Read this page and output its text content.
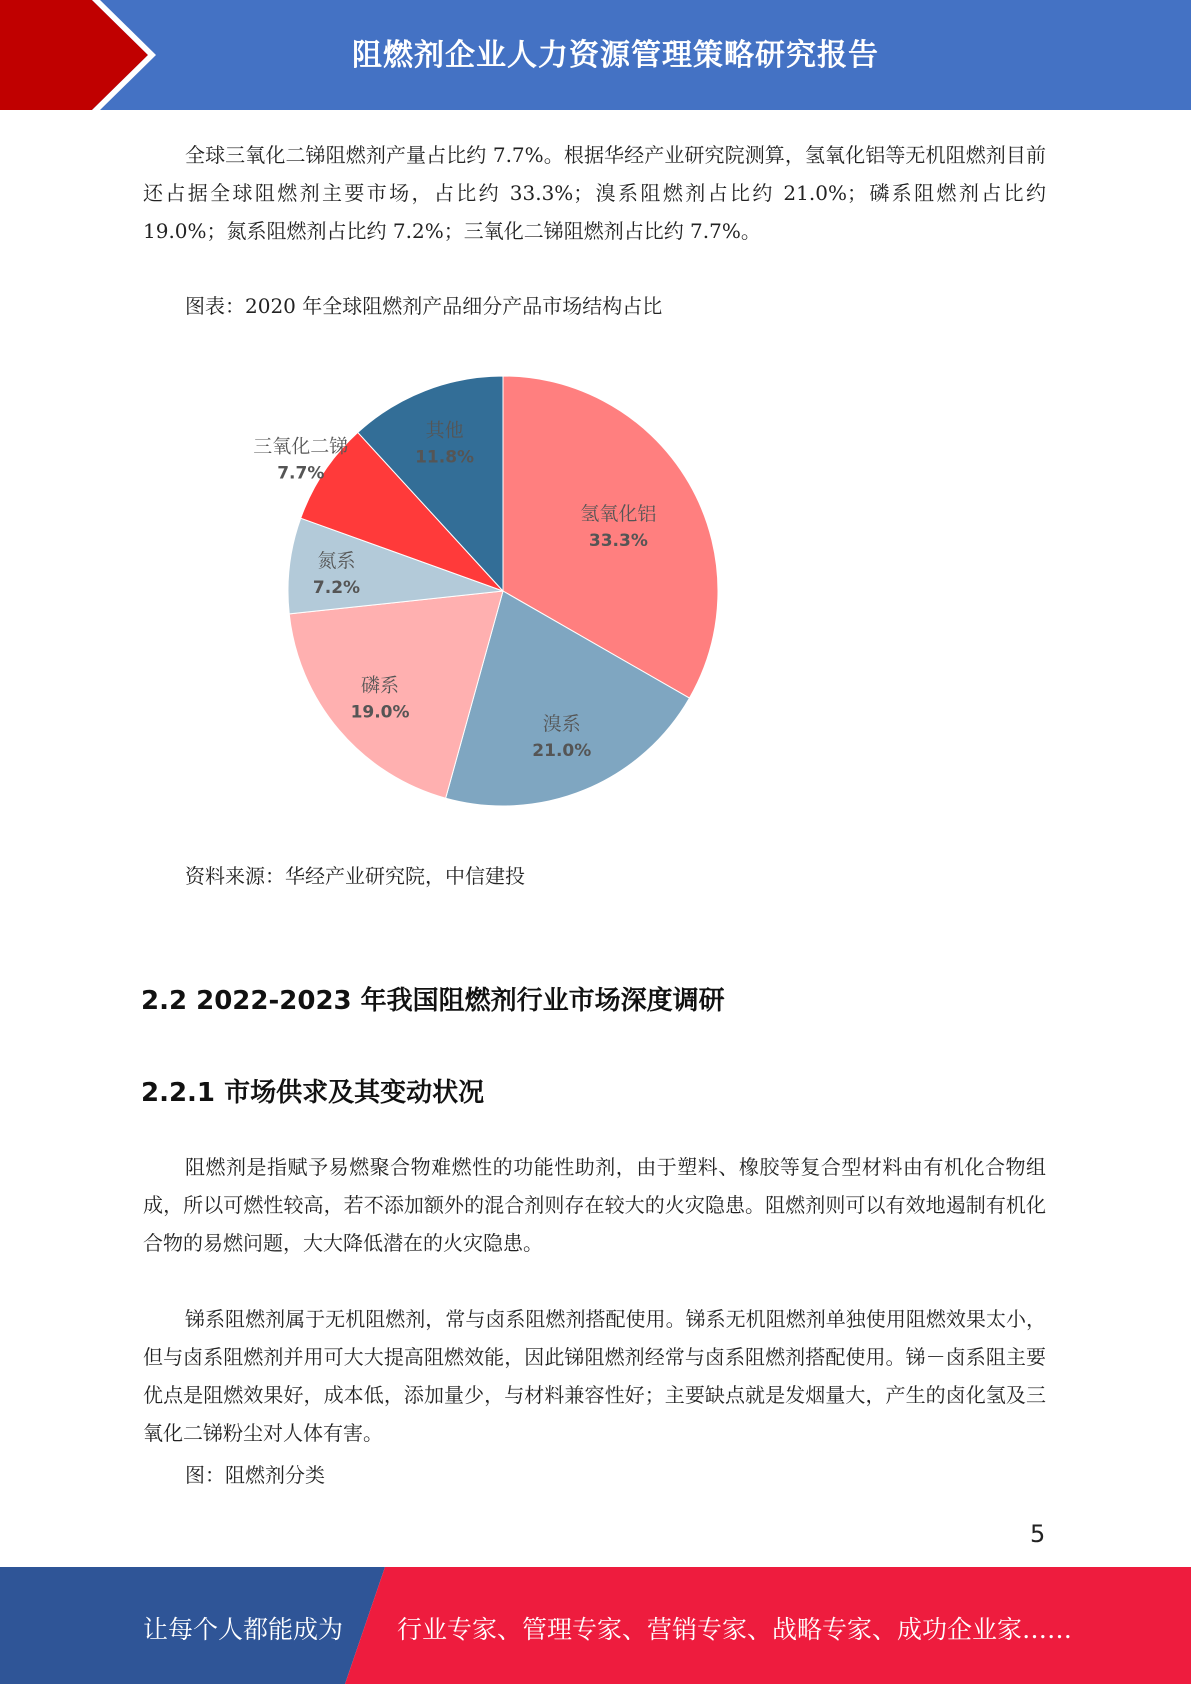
阻燃剂企业人力资源管理策略研究报告

全球三氧化二锑阻燃剂产量占比约 7.7%。根据华经产业研究院测算，氢氧化铝等无机阻燃剂目前还占据全球阻燃剂主要市场，占比约 33.3%；溴系阻燃剂占比约 21.0%；磷系阻燃剂占比约 19.0%；氮系阻燃剂占比约 7.2%；三氧化二锑阻燃剂占比约 7.7%。

图表：2020 年全球阻燃剂产品细分产品市场结构占比

氢氧化铝
33.3%
溴系
21.0%
磷系
19.0%
氮系
7.2%
三氧化二锑
7.7%
其他
11.8%

资料来源：华经产业研究院，中信建投

2.2 2022-2023 年我国阻燃剂行业市场深度调研
2.2.1 市场供求及其变动状况

阻燃剂是指赋予易燃聚合物难燃性的功能性助剂，由于塑料、橡胶等复合型材料由有机化合物组成，所以可燃性较高，若不添加额外的混合剂则存在较大的火灾隐患。阻燃剂则可以有效地遏制有机化合物的易燃问题，大大降低潜在的火灾隐患。

锑系阻燃剂属于无机阻燃剂，常与卤系阻燃剂搭配使用。锑系无机阻燃剂单独使用阻燃效果太小，但与卤系阻燃剂并用可大大提高阻燃效能，因此锑阻燃剂经常与卤系阻燃剂搭配使用。锑－卤系阻主要优点是阻燃效果好，成本低，添加量少，与材料兼容性好；主要缺点就是发烟量大，产生的卤化氢及三氧化二锑粉尘对人体有害。

图：阻燃剂分类

5
让每个人都能成为 行业专家、管理专家、营销专家、战略专家、成功企业家……
